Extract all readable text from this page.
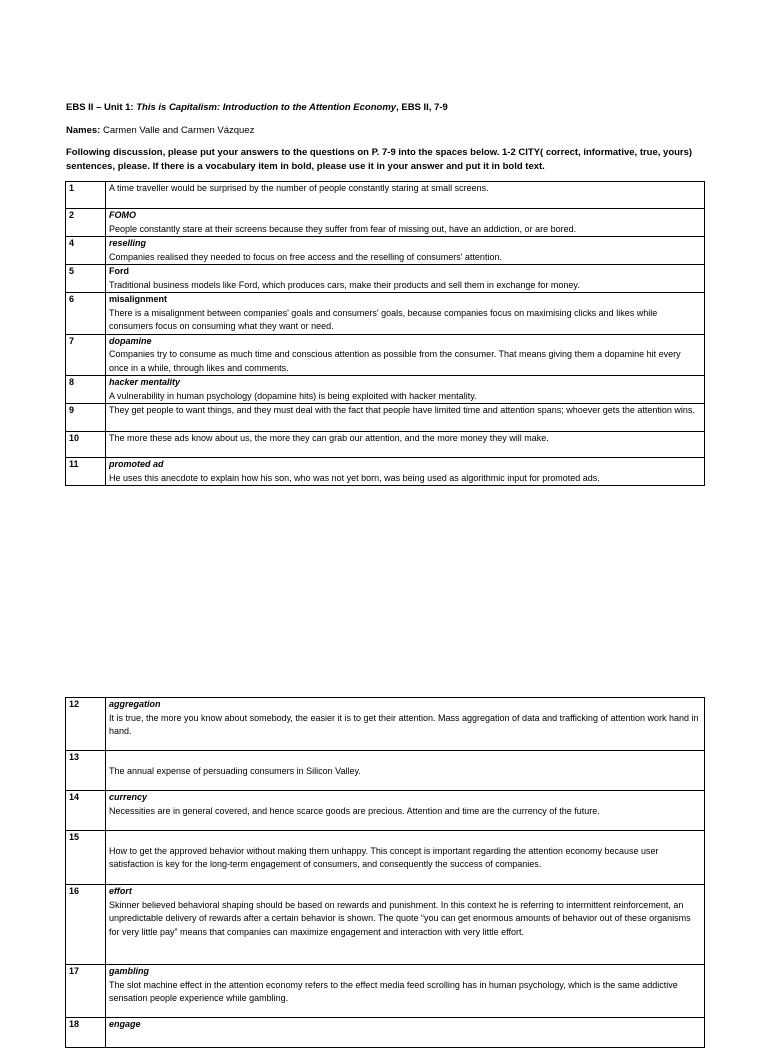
EBS II – Unit 1: This is Capitalism: Introduction to the Attention Economy, EBS II, 7-9
Names: Carmen Valle and Carmen Vázquez
Following discussion, please put your answers to the questions on P. 7-9 into the spaces below. 1-2 CITY( correct, informative, true, yours) sentences, please. If there is a vocabulary item in bold, please use it in your answer and put it in bold text.
1	A time traveller would be surprised by the number of people constantly staring at small screens.

2	FOMO
People constantly stare at their screens because they suffer from fear of missing out, have an addiction, or are bored.

4	reselling
Companies realised they needed to focus on free access and the reselling of consumers' attention.

5	Ford
Traditional business models like Ford, which produces cars, make their products and sell them in exchange for money.

6	misalignment
There is a misalignment between companies' goals and consumers' goals, because companies focus on maximising clicks and likes while consumers focus on consuming what they want or need.

7	dopamine
Companies try to consume as much time and conscious attention as possible from the consumer. That means giving them a dopamine hit every once in a while, through likes and comments.

8	hacker mentality
A vulnerability in human psychology (dopamine hits) is being exploited with hacker mentality.

9	They get people to want things, and they must deal with the fact that people have limited time and attention spans; whoever gets the attention wins.

10	The more these ads know about us, the more they can grab our attention, and the more money they will make.

11	promoted ad
He uses this anecdote to explain how his son, who was not yet born, was being used as algorithmic input for promoted ads.
12	aggregation
It is true, the more you know about somebody, the easier it is to get their attention. Mass aggregation of data and trafficking of attention work hand in hand.

13	The annual expense of persuading consumers in Silicon Valley.

14	currency
Necessities are in general covered, and hence scarce goods are precious. Attention and time are the currency of the future.

15	How to get the approved behavior without making them unhappy. This concept is important regarding the attention economy because user satisfaction is key for the long-term engagement of consumers, and consequently the success of companies.

16	effort
Skinner believed behavioral shaping should be based on rewards and punishment. In this context he is referring to intermittent reinforcement, an unpredictable delivery of rewards after a certain behavior is shown. The quote “you can get enormous amounts of behavior out of these organisms for very little pay” means that companies can maximize engagement and interaction with very little effort.

17	gambling
The slot machine effect in the attention economy refers to the effect media feed scrolling has in human psychology, which is the same addictive sensation people experience while gambling.

18	engage
